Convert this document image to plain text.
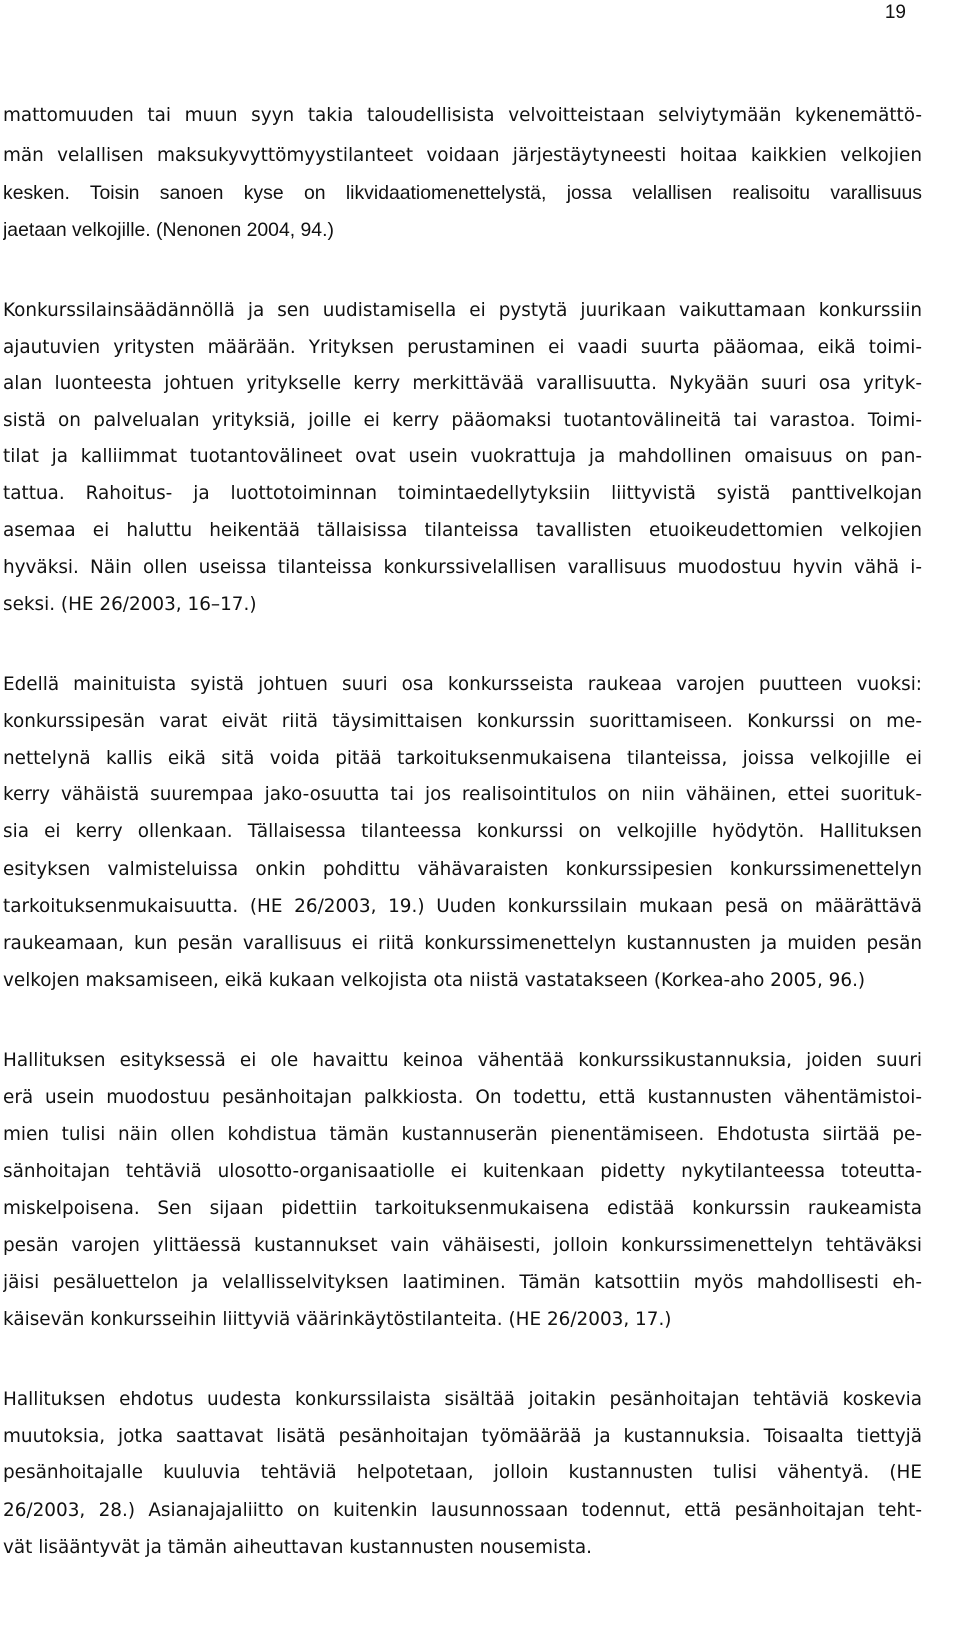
19
mattomuuden tai muun syyn takia taloudellisista velvoitteistaan selviytymään kykenemättö-
män velallisen maksukyvyttömyystilanteet voidaan järjestäytyneesti hoitaa kaikkien velkojien
kesken. Toisin sanoen kyse on likvidaatiomenettelystä, jossa velallisen realisoitu varallisuus
jaetaan velkojille. (Nenonen 2004, 94.)
Konkurssilainsäädännöllä ja sen uudistamisella ei pystytä juurikaan vaikuttamaan konkurssiin
ajautuvien yritysten määrään. Yrityksen perustaminen ei vaadi suurta pääomaa, eikä toimi-
alan luonteesta johtuen yritykselle kerry merkittävää varallisuutta. Nykyään suuri osa yrityk-
sistä on palvelualan yrityksiä, joille ei kerry pääomaksi tuotantovälineitä tai varastoa. Toimi-
tilat ja kalliimmat tuotantovälineet ovat usein vuokrattuja ja mahdollinen omaisuus on pan-
tattua. Rahoitus- ja luottotoiminnan toimintaedellytyksiin liittyvistä syistä panttivelkojan
asemaa ei haluttu heikentää tällaisissa tilanteissa tavallisten etuoikeudettomien velkojien
hyväksi. Näin ollen useissa tilanteissa konkurssivelallisen varallisuus muodostuu hyvin vähä i-
seksi. (HE 26/2003, 16–17.)
Edellä mainituista syistä johtuen suuri osa konkursseista raukeaa varojen puutteen vuoksi:
konkurssipesän varat eivät riitä täysimittaisen konkurssin suorittamiseen. Konkurssi on me-
nettelynä kallis eikä sitä voida pitää tarkoituksenmukaisena tilanteissa, joissa velkojille ei
kerry vähäistä suurempaa jako-osuutta tai jos realisointitulos on niin vähäinen, ettei suorituk-
sia ei kerry ollenkaan. Tällaisessa tilanteessa konkurssi on velkojille hyödytön. Hallituksen
esityksen valmisteluissa onkin pohdittu vähävaraisten konkurssipesien konkurssimenettelyn
tarkoituksenmukaisuutta. (HE 26/2003, 19.) Uuden konkurssilain mukaan pesä on määrättävä
raukeamaan, kun pesän varallisuus ei riitä konkurssimenettelyn kustannusten ja muiden pesän
velkojen maksamiseen, eikä kukaan velkojista ota niistä vastatakseen (Korkea-aho 2005, 96.)
Hallituksen esityksessä ei ole havaittu keinoa vähentää konkurssikustannuksia, joiden suuri
erä usein muodostuu pesänhoitajan palkkiosta. On todettu, että kustannusten vähentämistoi-
mien tulisi näin ollen kohdistua tämän kustannuserän pienentämiseen. Ehdotusta siirtää pe-
sänhoitajan tehtäviä ulosotto-organisaatiolle ei kuitenkaan pidetty nykytilanteessa toteutta-
miskelpoisena. Sen sijaan pidettiin tarkoituksenmukaisena edistää konkurssin raukeamista
pesän varojen ylittäessä kustannukset vain vähäisesti, jolloin konkurssimenettelyn tehtäväksi
jäisi pesäluettelon ja velallisselvityksen laatiminen. Tämän katsottiin myös mahdollisesti eh-
käisevän konkursseihin liittyviä väärinkäytöstilanteita. (HE 26/2003, 17.)
Hallituksen ehdotus uudesta konkurssilaista sisältää joitakin pesänhoitajan tehtäviä koskevia
muutoksia, jotka saattavat lisätä pesänhoitajan työmäärää ja kustannuksia. Toisaalta tiettyjä
pesänhoitajalle kuuluvia tehtäviä helpotetaan, jolloin kustannusten tulisi vähentyä. (HE
26/2003, 28.) Asianajajaliitto on kuitenkin lausunnossaan todennut, että pesänhoitajan teht-
vät lisääntyvät ja tämän aiheuttavan kustannusten nousemista.
